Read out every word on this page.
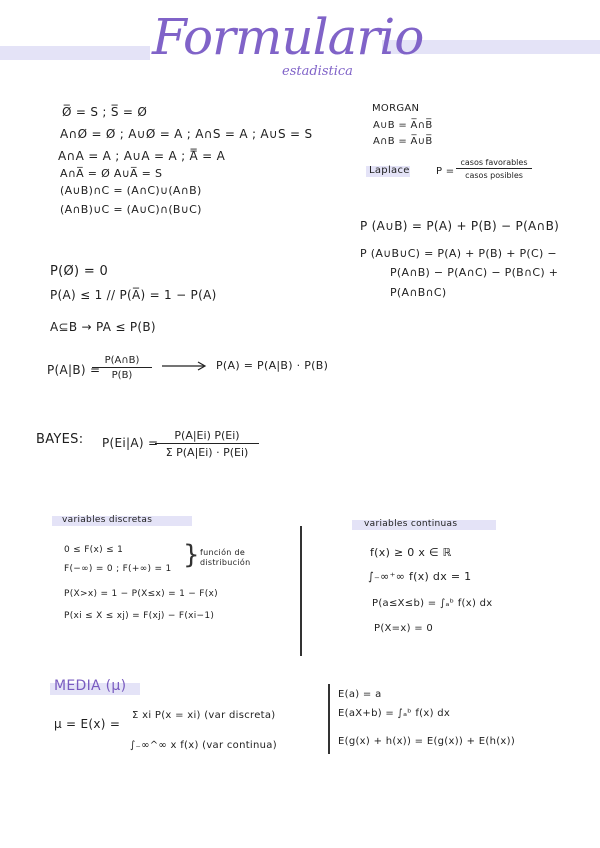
Formulario
estadistica
Ø̅ = S ; S̅ = Ø
A∩Ø = Ø ; A∪Ø = A ; A∩S = A ; A∪S = S
A∩A = A ; A∪A = A ; A̿ = A
A∩A̅ = Ø A∪A̅ = S
(A∪B)∩C = (A∩C)∪(A∩B)
(A∩B)∪C = (A∪C)∩(B∪C)
MORGAN
A∪B = A̅∩B̅
A∩B = A̅∪B̅
Laplace	P =
casos favorables
casos posibles
P (A∪B) = P(A) + P(B) − P(A∩B)
P (A∪B∪C) = P(A) + P(B) + P(C) −
P(A∩B) − P(A∩C) − P(B∩C) +
P(A∩B∩C)
P(Ø) = 0
P(A) ≤ 1 // P(A̅) = 1 − P(A)
A⊆B → PA ≤ P(B)
P(A|B) =
$\frac{P(A\cap B)}{P(B)}$	P(A) = P(A|B) · P(B)
BAYES: P(Ei|A) =
$\frac{P(A|Ei) P(Ei)}{\text{Σ P(A|Ei) · P(Ei)}}$
variables discretas
0 ≤ F(x) ≤ 1
F(−∞) = 0 ; F(+∞) = 1 } función de
distribución
P(X>x) = 1 − P(X≤x) = 1 − F(x)
P(xi ≤ X ≤ xj) = F(xj) − F(xi−1)
variables continuas
f(x) ≥ 0 x ∈ ℝ
∫₋∞⁺∞ f(x) dx = 1
P(a≤X≤b) = ∫ₐᵇ f(x) dx
P(X=x) = 0
MEDIA (μ)
μ = E(x) =
Σ xi P(x = xi) (var discreta)
∫₋∞^∞ x f(x) (var continua)
E(a) = a
E(aX+b) = ∫ₐᵇ f(x) dx
E(g(x) + h(x)) = E(g(x)) + E(h(x))
